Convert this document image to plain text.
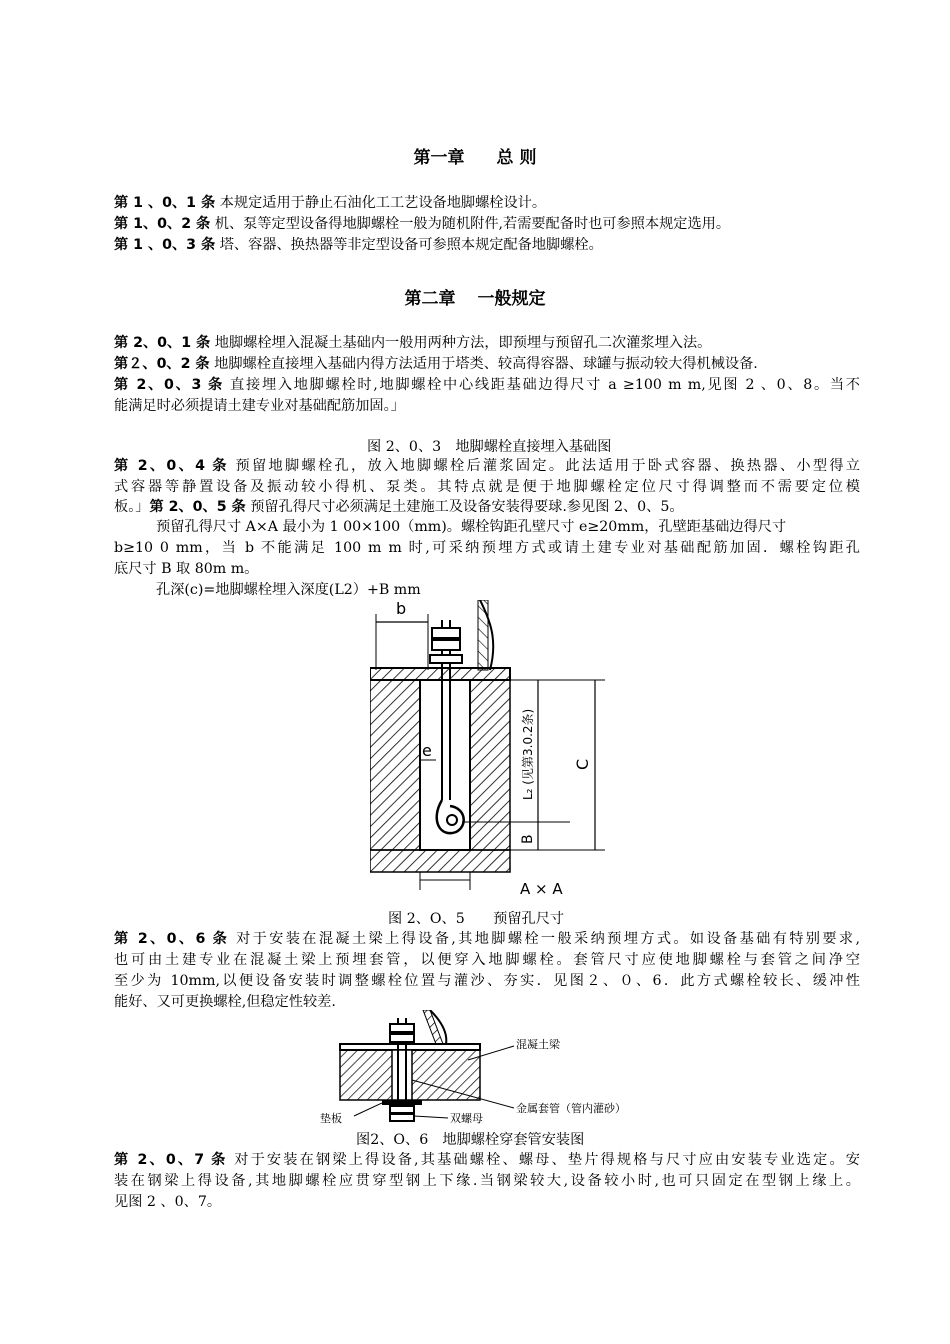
第一章 总 则
第 1 、0、1 条 本规定适用于静止石油化工工艺设备地脚螺栓设计。
第 1、0、2 条 机、泵等定型设备得地脚螺栓一般为随机附件,若需要配备时也可参照本规定选用。
第 1 、0、3 条 塔、容器、换热器等非定型设备可参照本规定配备地脚螺栓。
第二章 一般规定
第 2、0、1 条 地脚螺栓埋入混凝土基础内一般用两种方法，即预埋与预留孔二次灌浆埋入法。
第２、0、2 条 地脚螺栓直接埋入基础内得方法适用于塔类、较高得容器、球罐与振动较大得机械设备.
第 2、0、3 条 直接埋入地脚螺栓时,地脚螺栓中心线距基础边得尺寸 a ≥100 m m,见图 2 、0、8。当不
能满足时必须提请土建专业对基础配筋加固。」
图 2、0、3　地脚螺栓直接埋入基础图
第 2、0、4 条 预留地脚螺栓孔，放入地脚螺栓后灌浆固定。此法适用于卧式容器、换热器、小型得立
式容器等静置设备及振动较小得机、泵类。其特点就是便于地脚螺栓定位尺寸得调整而不需要定位模
板。」第 2、0、5 条 预留孔得尺寸必须满足土建施工及设备安装得要球.参见图 2、0、5。
预留孔得尺寸 A×A 最小为 1 00×100（mm)。螺栓钩距孔壁尺寸 e≥20mm，孔壁距基础边得尺寸
b≥10 0 mm，当 b 不能满足 100 m m 时,可采纳预埋方式或请土建专业对基础配筋加固．螺栓钩距孔
底尺寸 B 取 80m m。
孔深(c)=地脚螺栓埋入深度(L2）+B mm
b
e	L₂ (见第3.0.2条) C
B
A × A
图 2、O、5　　预留孔尺寸
第 2、0、6 条 对于安装在混凝土梁上得设备,其地脚螺栓一般采纳预埋方式。如设备基础有特别要求,
也可由土建专业在混凝土梁上预埋套管，以便穿入地脚螺栓。套管尺寸应使地脚螺栓与套管之间净空
至少为 10mm,以便设备安装时调整螺栓位置与灌沙、夯实．见图２、０、6．此方式螺栓较长、缓冲性
能好、又可更换螺栓,但稳定性较差.
混凝土梁
垫板	双螺母
金属套管（管内灌砂）
图2、O、6　地脚螺栓穿套管安装图
第 2、0、7 条 对于安装在钢梁上得设备,其基础螺栓、螺母、垫片得规格与尺寸应由安装专业选定。安
装在钢梁上得设备,其地脚螺栓应贯穿型钢上下缘.当钢梁较大,设备较小时,也可只固定在型钢上缘上。
见图 2 、0、7。
